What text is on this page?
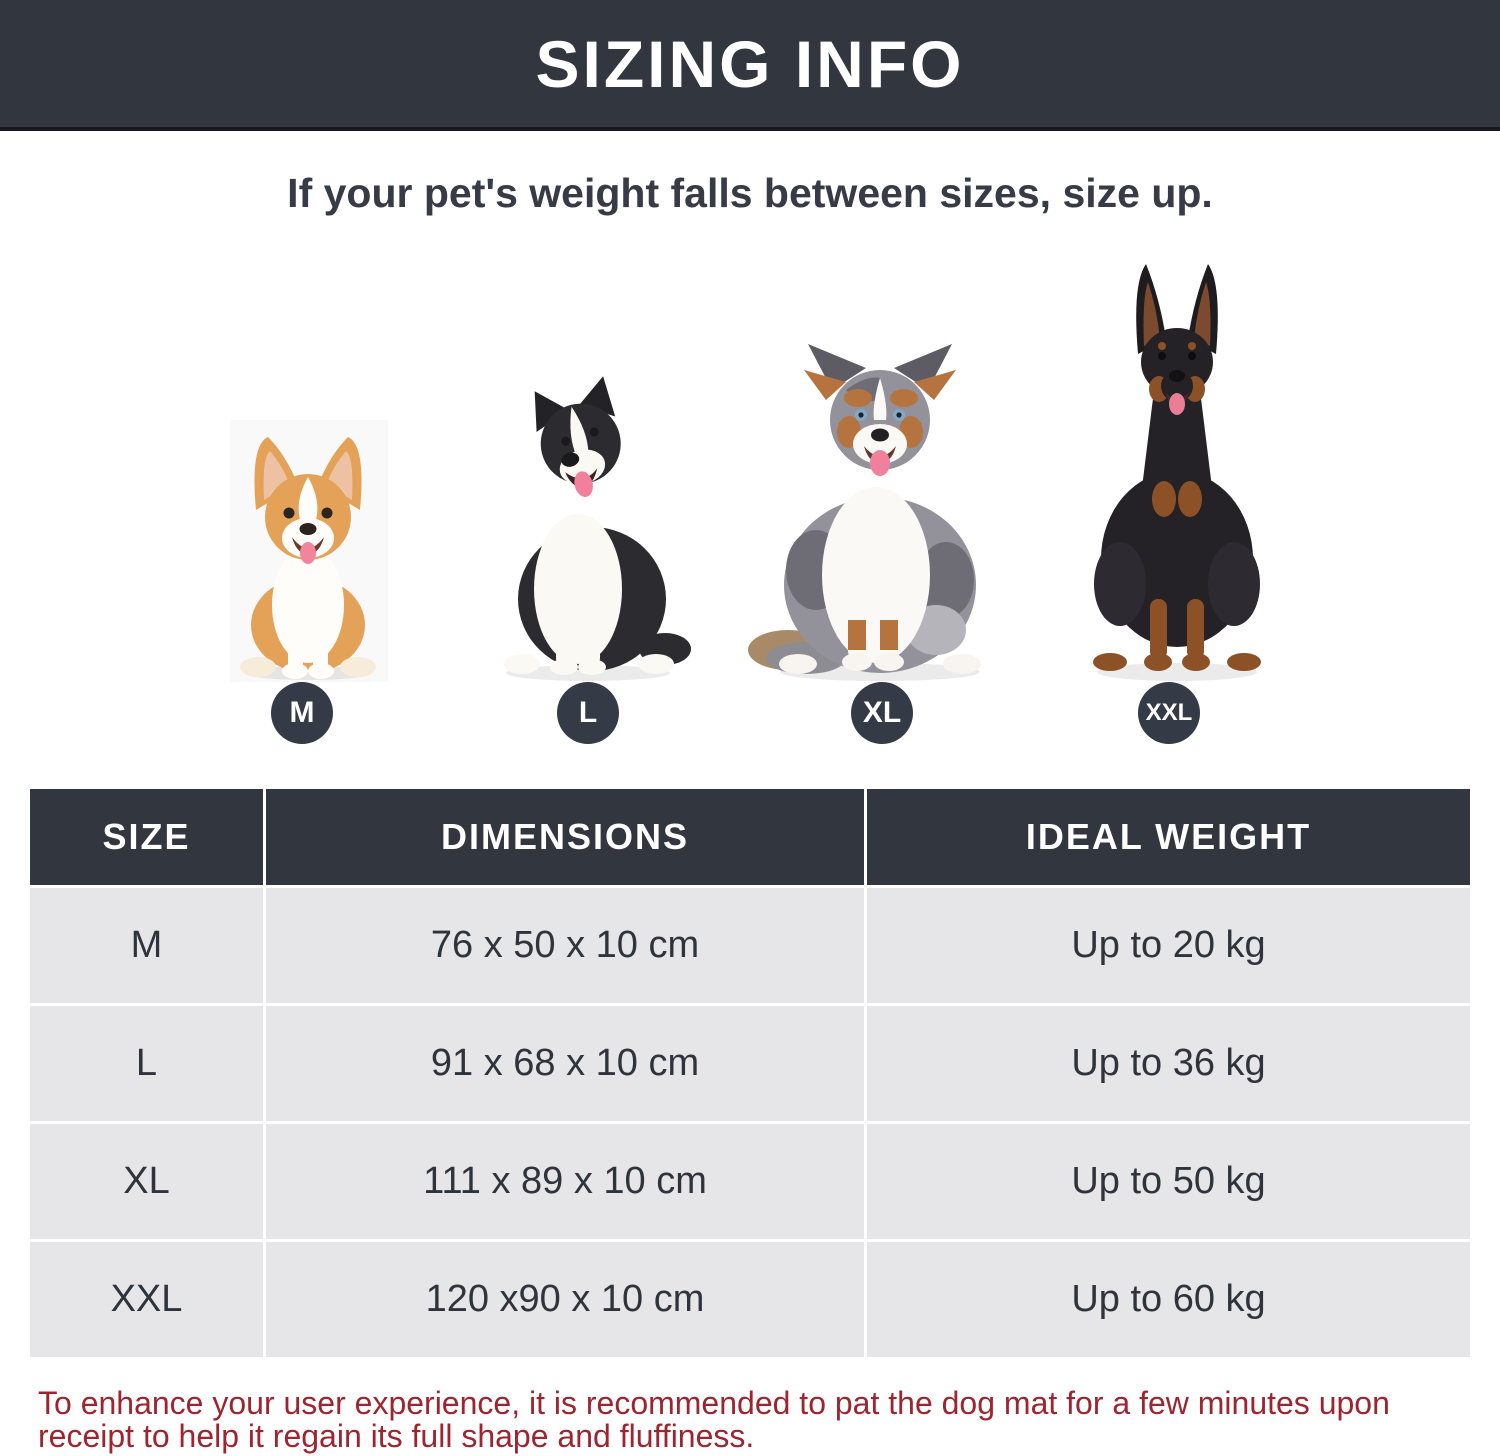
SIZING INFO
If your pet's weight falls between sizes, size up.
M	L	XL	XXL
SIZE	DIMENSIONS	IDEAL WEIGHT
M	76 x 50 x 10 cm	Up to 20 kg
L	91 x 68 x 10 cm	Up to 36 kg
XL	111 x 89 x 10 cm	Up to 50 kg
XXL	120 x90 x 10 cm	Up to 60 kg
To enhance your user experience, it is recommended to pat the dog mat for a few minutes upon receipt to help it regain its full shape and fluffiness.
